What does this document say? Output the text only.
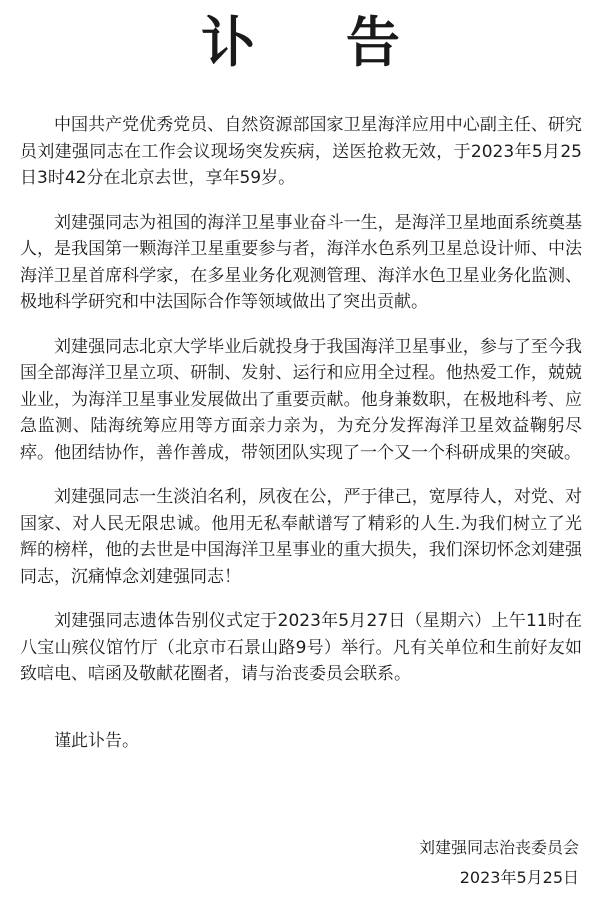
讣 告

中国共产党优秀党员、自然资源部国家卫星海洋应用中心副主任、研究员刘建强同志在工作会议现场突发疾病，送医抢救无效，于2023年5月25日3时42分在北京去世，享年59岁。

刘建强同志为祖国的海洋卫星事业奋斗一生，是海洋卫星地面系统奠基人，是我国第一颗海洋卫星重要参与者，海洋水色系列卫星总设计师、中法海洋卫星首席科学家，在多星业务化观测管理、海洋水色卫星业务化监测、极地科学研究和中法国际合作等领域做出了突出贡献。

刘建强同志北京大学毕业后就投身于我国海洋卫星事业，参与了至今我国全部海洋卫星立项、研制、发射、运行和应用全过程。他热爱工作，兢兢业业，为海洋卫星事业发展做出了重要贡献。他身兼数职，在极地科考、应急监测、陆海统筹应用等方面亲力亲为，为充分发挥海洋卫星效益鞠躬尽瘁。他团结协作，善作善成，带领团队实现了一个又一个科研成果的突破。

刘建强同志一生淡泊名利，夙夜在公，严于律己，宽厚待人，对党、对国家、对人民无限忠诚。他用无私奉献谱写了精彩的人生.为我们树立了光辉的榜样，他的去世是中国海洋卫星事业的重大损失，我们深切怀念刘建强同志，沉痛悼念刘建强同志！

刘建强同志遗体告别仪式定于2023年5月27日（星期六）上午11时在八宝山殡仪馆竹厅（北京市石景山路9号）举行。凡有关单位和生前好友如致唁电、唁函及敬献花圈者，请与治丧委员会联系。

谨此讣告。

刘建强同志治丧委员会
2023年5月25日
